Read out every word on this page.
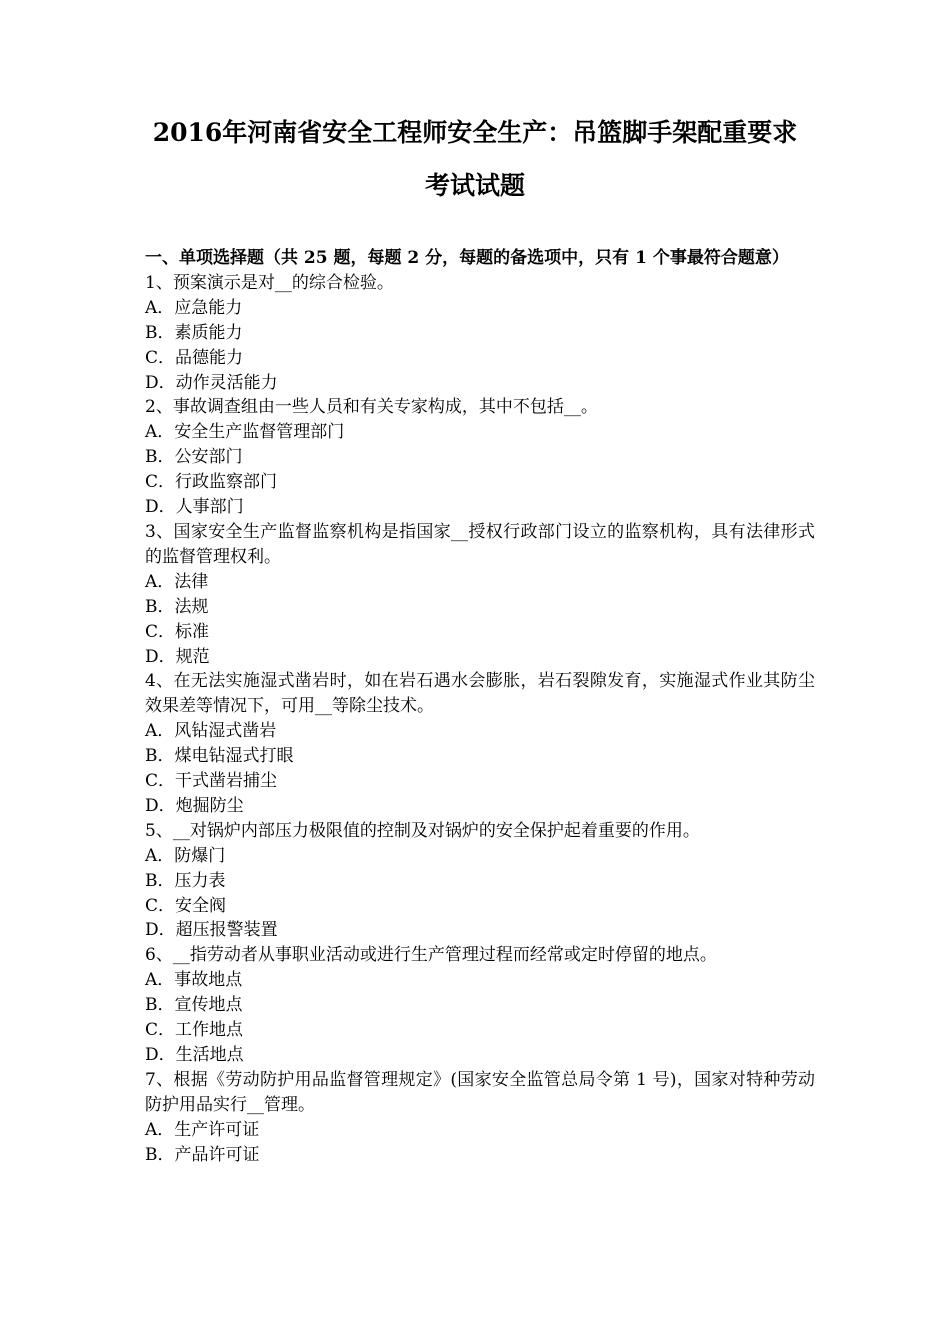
2016年河南省安全工程师安全生产：吊篮脚手架配重要求
考试试题

一、单项选择题（共 25 题，每题 2 分，每题的备选项中，只有 1 个事最符合题意）

1、预案演示是对__的综合检验。

A．应急能力

B．素质能力

C．品德能力

D．动作灵活能力

2、事故调查组由一些人员和有关专家构成，其中不包括__。

A．安全生产监督管理部门

B．公安部门

C．行政监察部门

D．人事部门

3、国家安全生产监督监察机构是指国家__授权行政部门设立的监察机构，具有法律形式的监督管理权利。

A．法律

B．法规

C．标准

D．规范

4、在无法实施湿式凿岩时，如在岩石遇水会膨胀，岩石裂隙发育，实施湿式作业其防尘效果差等情况下，可用__等除尘技术。

A．风钻湿式凿岩

B．煤电钻湿式打眼

C．干式凿岩捕尘

D．炮掘防尘

5、__对锅炉内部压力极限值的控制及对锅炉的安全保护起着重要的作用。

A．防爆门

B．压力表

C．安全阀

D．超压报警装置

6、__指劳动者从事职业活动或进行生产管理过程而经常或定时停留的地点。

A．事故地点

B．宣传地点

C．工作地点

D．生活地点

7、根据《劳动防护用品监督管理规定》(国家安全监管总局令第 1 号)，国家对特种劳动防护用品实行__管理。

A．生产许可证

B．产品许可证
